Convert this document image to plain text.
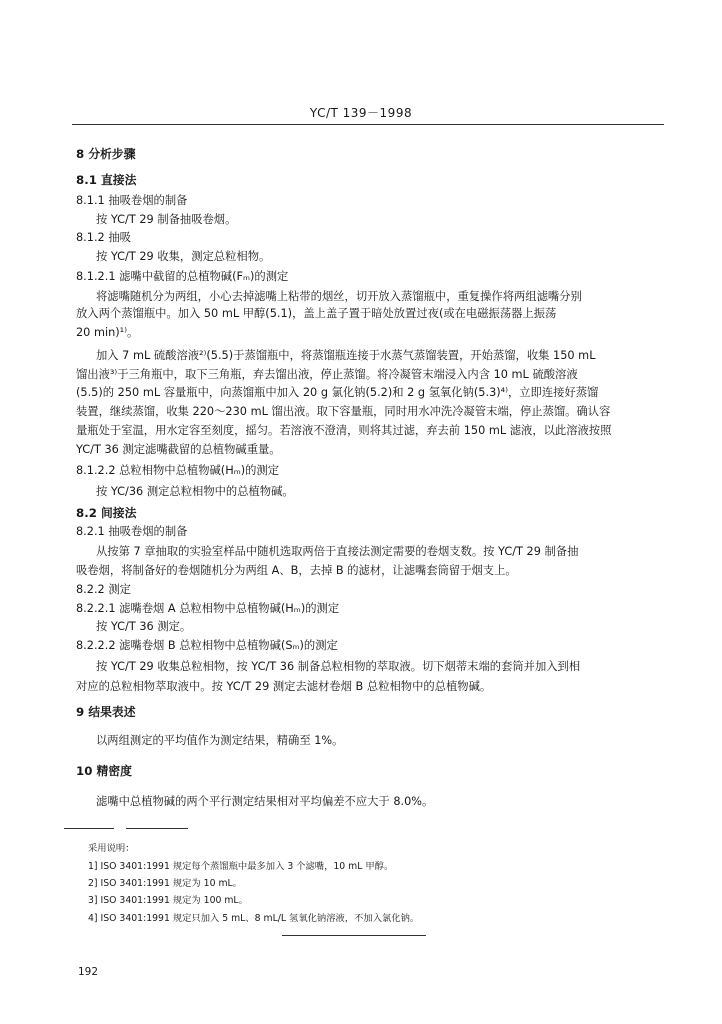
YC/T 139－1998
8 分析步骤
8.1 直接法
8.1.1 抽吸卷烟的制备
按 YC/T 29 制备抽吸卷烟。
8.1.2 抽吸
按 YC/T 29 收集，测定总粒相物。
8.1.2.1 滤嘴中截留的总植物碱(Fₘ)的测定
将滤嘴随机分为两组，小心去掉滤嘴上粘带的烟丝，切开放入蒸馏瓶中，重复操作将两组滤嘴分别
放入两个蒸馏瓶中。加入 50 mL 甲醇(5.1)，盖上盖子置于暗处放置过夜(或在电磁振荡器上振荡
20 min)¹⁾。
加入 7 mL 硫酸溶液²⁾(5.5)于蒸馏瓶中，将蒸馏瓶连接于水蒸气蒸馏装置，开始蒸馏，收集 150 mL
馏出液³⁾于三角瓶中，取下三角瓶，弃去馏出液，停止蒸馏。将冷凝管末端浸入内含 10 mL 硫酸溶液
(5.5)的 250 mL 容量瓶中，向蒸馏瓶中加入 20 g 氯化钠(5.2)和 2 g 氢氧化钠(5.3)⁴⁾，立即连接好蒸馏
装置，继续蒸馏，收集 220～230 mL 馏出液。取下容量瓶，同时用水冲洗冷凝管末端，停止蒸馏。确认容
量瓶处于室温，用水定容至刻度，摇匀。若溶液不澄清，则将其过滤，弃去前 150 mL 滤液，以此溶液按照
YC/T 36 测定滤嘴截留的总植物碱重量。
8.1.2.2 总粒相物中总植物碱(Hₘ)的测定
按 YC/36 测定总粒相物中的总植物碱。
8.2 间接法
8.2.1 抽吸卷烟的制备
从按第 7 章抽取的实验室样品中随机选取两倍于直接法测定需要的卷烟支数。按 YC/T 29 制备抽
吸卷烟，将制备好的卷烟随机分为两组 A、B，去掉 B 的滤材，让滤嘴套筒留于烟支上。
8.2.2 测定
8.2.2.1 滤嘴卷烟 A 总粒相物中总植物碱(Hₘ)的测定
按 YC/T 36 测定。
8.2.2.2 滤嘴卷烟 B 总粒相物中总植物碱(Sₘ)的测定
按 YC/T 29 收集总粒相物，按 YC/T 36 制备总粒相物的萃取液。切下烟蒂末端的套筒并加入到相
对应的总粒相物萃取液中。按 YC/T 29 测定去滤材卷烟 B 总粒相物中的总植物碱。
9 结果表述
以两组测定的平均值作为测定结果，精确至 1%。
10 精密度
滤嘴中总植物碱的两个平行测定结果相对平均偏差不应大于 8.0%。
采用说明：
1] ISO 3401:1991 规定每个蒸馏瓶中最多加入 3 个滤嘴，10 mL 甲醇。
2] ISO 3401:1991 规定为 10 mL。
3] ISO 3401:1991 规定为 100 mL。
4] ISO 3401:1991 规定只加入 5 mL、8 mL/L 氢氧化钠溶液，不加入氯化钠。
192
